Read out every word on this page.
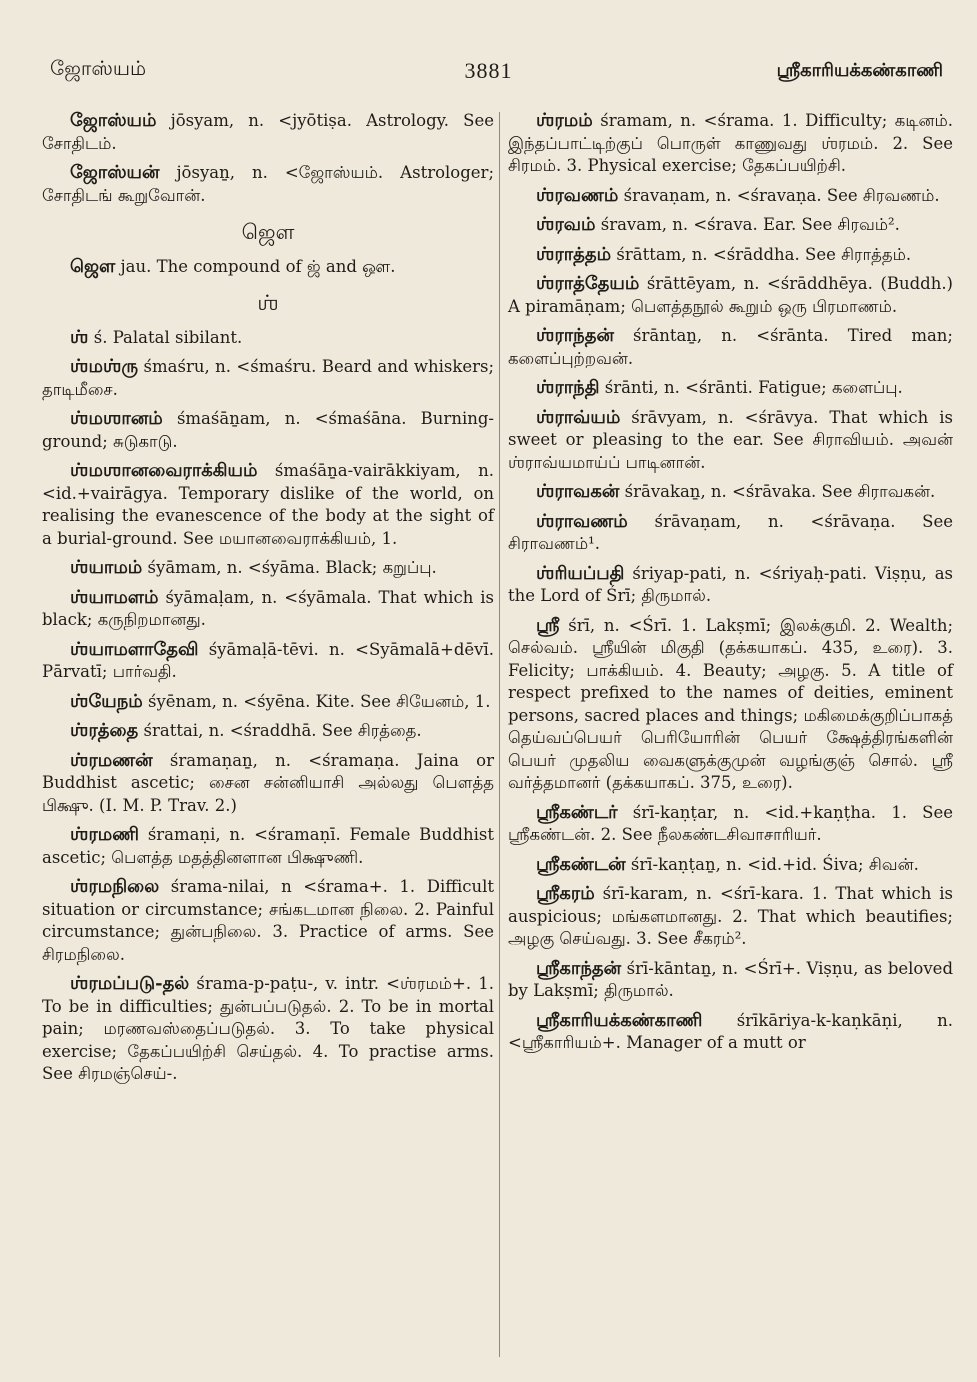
ஜோஸ்யம்	3881	ஸ்ரீகாரியக்கண்காணி

ஜோஸ்யம் jōsyam, n. <jyōtiṣa. Astrology. See சோதிடம்.

ஜோஸ்யன் jōsyaṉ, n. <ஜோஸ்யம். Astrologer; சோதிடங் கூறுவோன்.

ஜௌ

ஜௌ jau. The compound of ஜ் and ஔ.

ஶ்

ஶ் ś. Palatal sibilant.

ஶ்மஶ்ரு śmaśru, n. <śmaśru. Beard and whiskers; தாடிமீசை.

ஶ்மஶானம் śmaśāṉam, n. <śmaśāna. Burning-ground; சுடுகாடு.

ஶ்மஶானவைராக்கியம் śmaśāṉa-vairākkiyam, n. <id.+vairāgya. Temporary dislike of the world, on realising the evanescence of the body at the sight of a burial-ground. See மயானவைராக்கியம், 1.

ஶ்யாமம் śyāmam, n. <śyāma. Black; கறுப்பு.

ஶ்யாமளம் śyāmaḷam, n. <śyāmala. That which is black; கருநிறமானது.

ஶ்யாமளாதேவி śyāmaḷā-tēvi. n. <Syāmalā+dēvī. Pārvatī; பார்வதி.

ஶ்யேநம் śyēnam, n. <śyēna. Kite. See சியேனம், 1.

ஶ்ரத்தை śrattai, n. <śraddhā. See சிரத்தை.

ஶ்ரமணன் śramaṇaṉ, n. <śramaṇa. Jaina or Buddhist ascetic; சைன சன்னியாசி அல்லது பௌத்த பிக்ஷு. (I. M. P. Trav. 2.)

ஶ்ரமணி śramaṇi, n. <śramaṇī. Female Buddhist ascetic; பௌத்த மதத்தினளான பிக்ஷுணி.

ஶ்ரமநிலை śrama-nilai, n <śrama+. 1. Difficult situation or circumstance; சங்கடமான நிலை. 2. Painful circumstance; துன்பநிலை. 3. Practice of arms. See சிரமநிலை.

ஶ்ரமப்படு-தல் śrama-p-paṭu-, v. intr. <ஶ்ரமம்+. 1. To be in difficulties; துன்பப்படுதல். 2. To be in mortal pain; மரணவஸ்தைப்படுதல். 3. To take physical exercise; தேகப்பயிற்சி செய்தல். 4. To practise arms. See சிரமஞ்செய்-.

ஶ்ரமம் śramam, n. <śrama. 1. Difficulty; கடினம். இந்தப்பாட்டிற்குப் பொருள் காணுவது ஶ்ரமம். 2. See சிரமம். 3. Physical exercise; தேகப்பயிற்சி.

ஶ்ரவணம் śravaṇam, n. <śravaṇa. See சிரவணம்.

ஶ்ரவம் śravam, n. <śrava. Ear. See சிரவம்².

ஶ்ராத்தம் śrāttam, n. <śrāddha. See சிராத்தம்.

ஶ்ராத்தேயம் śrāttēyam, n. <śrāddhēya. (Buddh.) A piramāṇam; பௌத்தநூல் கூறும் ஒரு பிரமாணம்.

ஶ்ராந்தன் śrāntaṉ, n. <śrānta. Tired man; களைப்புற்றவன்.

ஶ்ராந்தி śrānti, n. <śrānti. Fatigue; களைப்பு.

ஶ்ராவ்யம் śrāvyam, n. <śrāvya. That which is sweet or pleasing to the ear. See சிராவியம். அவன் ஶ்ராவ்யமாய்ப் பாடினான்.

ஶ்ராவகன் śrāvakaṉ, n. <śrāvaka. See சிராவகன்.

ஶ்ராவணம் śrāvaṇam, n. <śrāvaṇa. See சிராவணம்¹.

ஶ்ரியப்பதி śriyap-pati, n. <śriyaḥ-pati. Viṣṇu, as the Lord of Śrī; திருமால்.

ஸ்ரீ śrī, n. <Śrī. 1. Lakṣmī; இலக்குமி. 2. Wealth; செல்வம். ஸ்ரீயின் மிகுதி (தக்கயாகப். 435, உரை). 3. Felicity; பாக்கியம். 4. Beauty; அழகு. 5. A title of respect prefixed to the names of deities, eminent persons, sacred places and things; மகிமைக்குறிப்பாகத் தெய்வப்பெயர் பெரியோரின் பெயர் க்ஷேத்திரங்களின் பெயர் முதலிய வைகளுக்குமுன் வழங்குஞ் சொல். ஸ்ரீ வர்த்தமானர் (தக்கயாகப். 375, உரை).

ஸ்ரீகண்டர் śrī-kaṇṭar, n. <id.+kaṇṭha. 1. See ஸ்ரீகண்டன். 2. See நீலகண்டசிவாசாரியர்.

ஸ்ரீகண்டன் śrī-kaṇṭaṉ, n. <id.+id. Śiva; சிவன்.

ஸ்ரீகரம் śrī-karam, n. <śrī-kara. 1. That which is auspicious; மங்களமானது. 2. That which beautifies; அழகு செய்வது. 3. See சீகரம்².

ஸ்ரீகாந்தன் śrī-kāntaṉ, n. <Śrī+. Viṣṇu, as beloved by Lakṣmī; திருமால்.

ஸ்ரீகாரியக்கண்காணி śrīkāriya-k-kaṇkāṇi, n. <ஸ்ரீகாரியம்+. Manager of a mutt or
